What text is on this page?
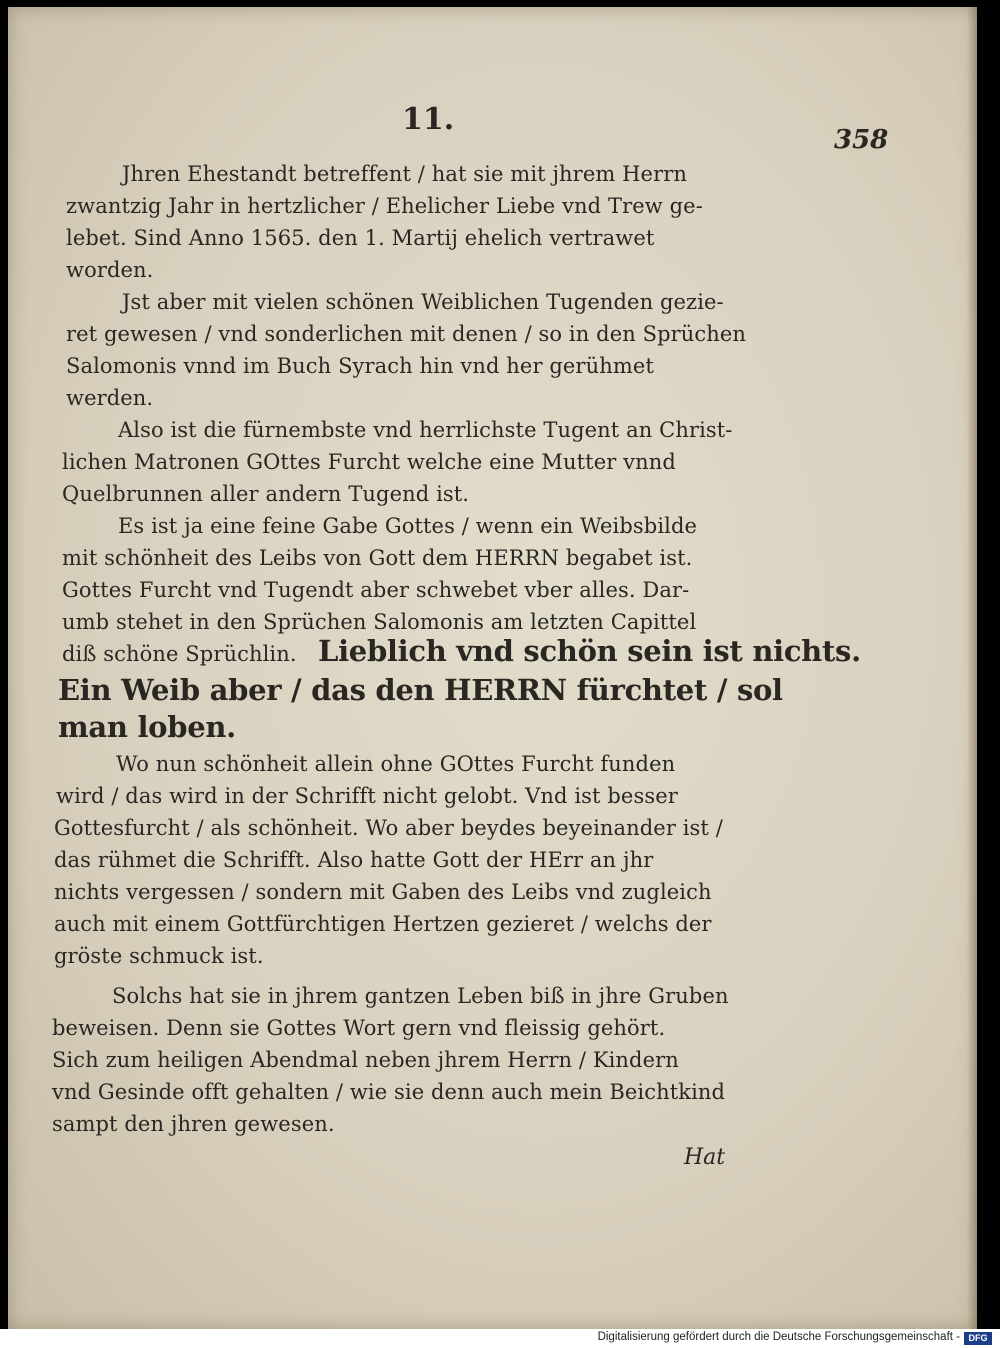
11.
358
Jhren Ehestandt betreffent / hat sie mit jhrem Herrn
zwantzig Jahr in hertzlicher / Ehelicher Liebe vnd Trew ge-
lebet. Sind Anno 1565. den 1. Martij ehelich vertrawet
worden.
Jst aber mit vielen schönen Weiblichen Tugenden gezie-
ret gewesen / vnd sonderlichen mit denen / so in den Sprüchen
Salomonis vnnd im Buch Syrach hin vnd her gerühmet
werden.
Also ist die fürnembste vnd herrlichste Tugent an Christ-
lichen Matronen GOttes Furcht welche eine Mutter vnnd
Quelbrunnen aller andern Tugend ist.
Es ist ja eine feine Gabe Gottes / wenn ein Weibsbilde
mit schönheit des Leibs von Gott dem HERRN begabet ist.
Gottes Furcht vnd Tugendt aber schwebet vber alles. Dar-
umb stehet in den Sprüchen Salomonis am letzten Capittel
diß schöne Sprüchlin. Lieblich vnd schön sein ist nichts.
Ein Weib aber / das den HERRN fürchtet / sol
man loben.
Wo nun schönheit allein ohne GOttes Furcht funden
wird / das wird in der Schrifft nicht gelobt. Vnd ist besser
Gottesfurcht / als schönheit. Wo aber beydes beyeinander ist /
das rühmet die Schrifft. Also hatte Gott der HErr an jhr
nichts vergessen / sondern mit Gaben des Leibs vnd zugleich
auch mit einem Gottfürchtigen Hertzen gezieret / welchs der
gröste schmuck ist.
Solchs hat sie in jhrem gantzen Leben biß in jhre Gruben
beweisen. Denn sie Gottes Wort gern vnd fleissig gehört.
Sich zum heiligen Abendmal neben jhrem Herrn / Kindern
vnd Gesinde offt gehalten / wie sie denn auch mein Beichtkind
sampt den jhren gewesen.
Hat
Digitalisierung gefördert durch die Deutsche Forschungsgemeinschaft - DFG
